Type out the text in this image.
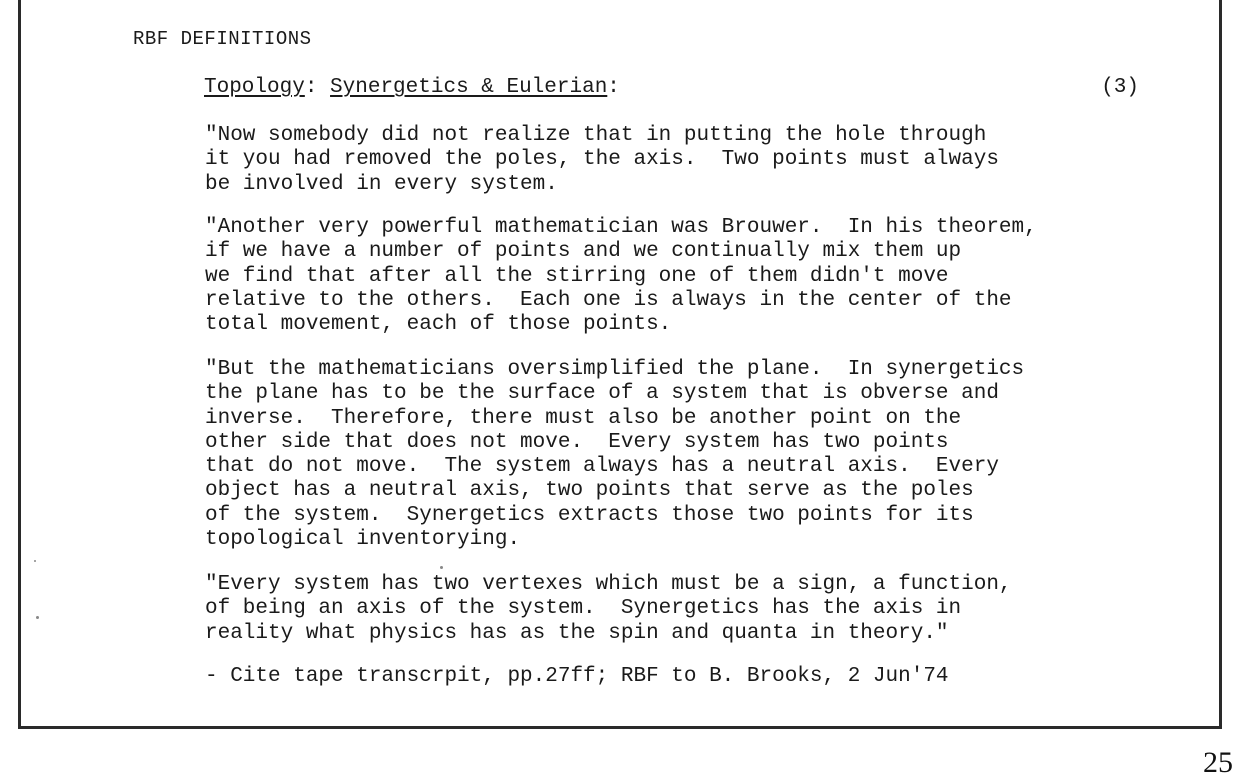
RBF DEFINITIONS
Topology: Synergetics & Eulerian:	(3)

"Now somebody did not realize that in putting the hole through
it you had removed the poles, the axis.  Two points must always
be involved in every system.

"Another very powerful mathematician was Brouwer.  In his theorem,
if we have a number of points and we continually mix them up
we find that after all the stirring one of them didn't move
relative to the others.  Each one is always in the center of the
total movement, each of those points.

"But the mathematicians oversimplified the plane.  In synergetics
the plane has to be the surface of a system that is obverse and
inverse.  Therefore, there must also be another point on the
other side that does not move.  Every system has two points
that do not move.  The system always has a neutral axis.  Every
object has a neutral axis, two points that serve as the poles
of the system.  Synergetics extracts those two points for its
topological inventorying.

"Every system has two vertexes which must be a sign, a function,
of being an axis of the system.  Synergetics has the axis in
reality what physics has as the spin and quanta in theory."

- Cite tape transcrpit, pp.27ff; RBF to B. Brooks, 2 Jun'74
25
